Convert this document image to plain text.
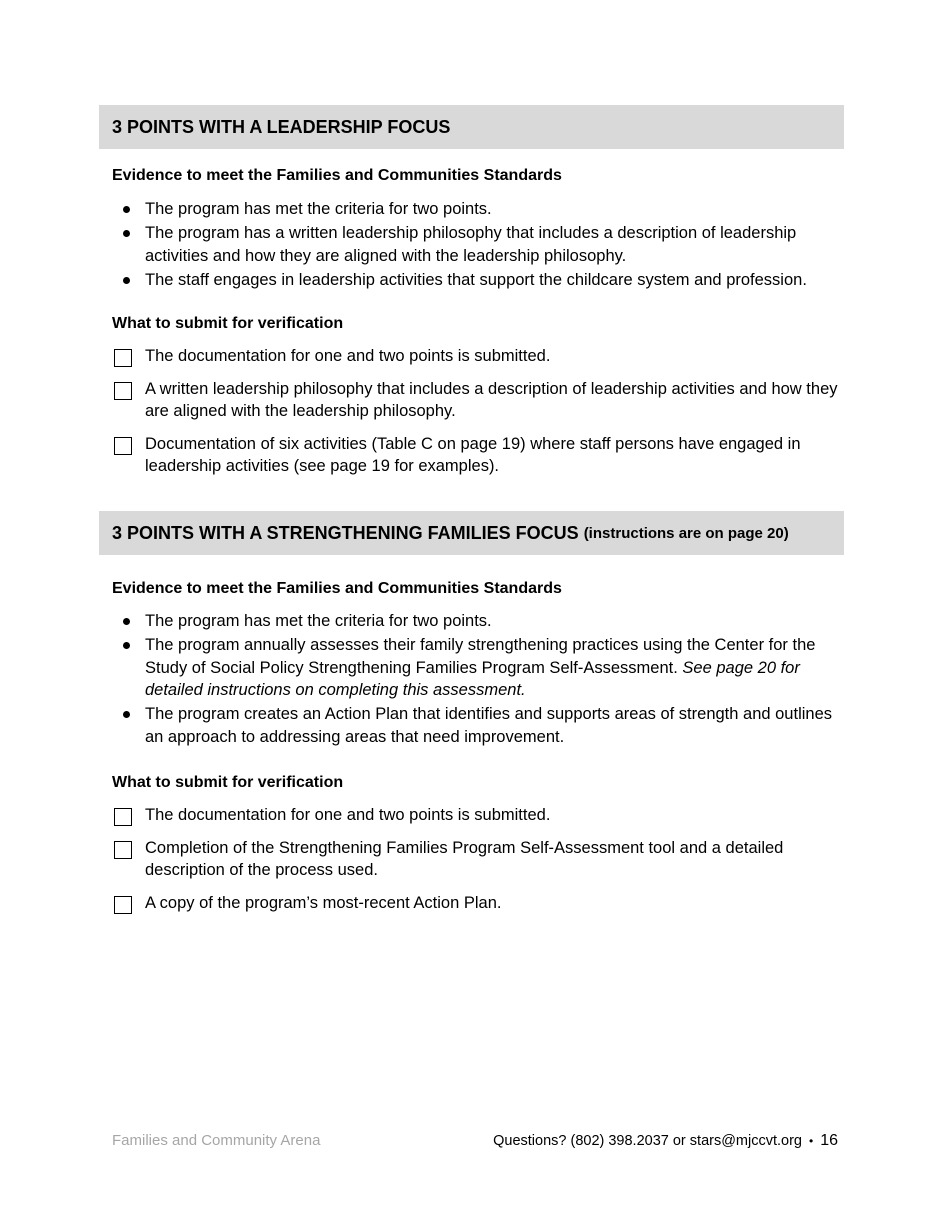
3 POINTS WITH A LEADERSHIP FOCUS
Evidence to meet the Families and Communities Standards
The program has met the criteria for two points.
The program has a written leadership philosophy that includes a description of leadership activities and how they are aligned with the leadership philosophy.
The staff engages in leadership activities that support the childcare system and profession.
What to submit for verification
The documentation for one and two points is submitted.
A written leadership philosophy that includes a description of leadership activities and how they are aligned with the leadership philosophy.
Documentation of six activities (Table C on page 19) where staff persons have engaged in leadership activities (see page 19 for examples).
3 POINTS WITH A STRENGTHENING FAMILIES FOCUS (instructions are on page 20)
Evidence to meet the Families and Communities Standards
The program has met the criteria for two points.
The program annually assesses their family strengthening practices using the Center for the Study of Social Policy Strengthening Families Program Self-Assessment. See page 20 for detailed instructions on completing this assessment.
The program creates an Action Plan that identifies and supports areas of strength and outlines an approach to addressing areas that need improvement.
What to submit for verification
The documentation for one and two points is submitted.
Completion of the Strengthening Families Program Self-Assessment tool and a detailed description of the process used.
A copy of the program’s most-recent Action Plan.
Families and Community Arena	Questions? (802) 398.2037 or stars@mjccvt.org • 16
